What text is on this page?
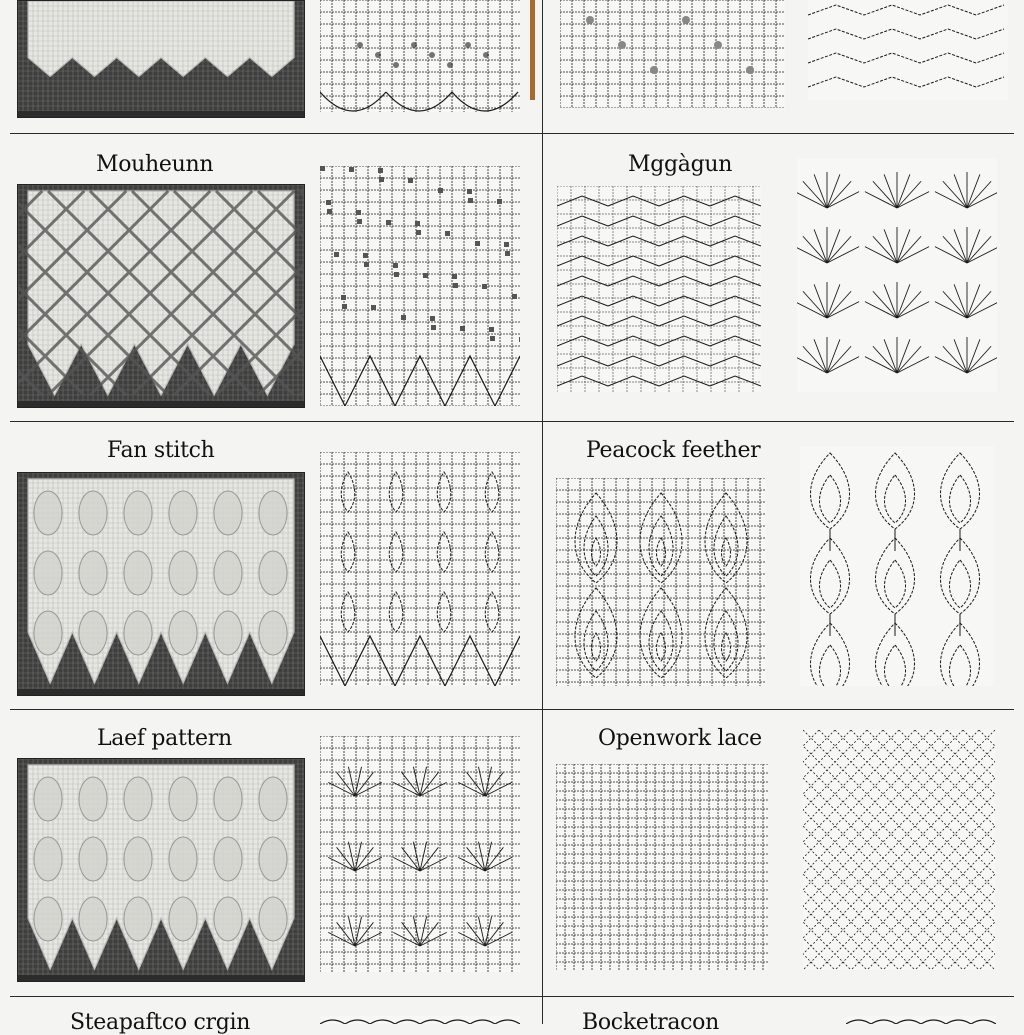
Mouheunn	Mggàgun
Fan stitch	Peacock feether
Laef pattern	Openwork lace
Steapaftco crgin	Bocketracon
